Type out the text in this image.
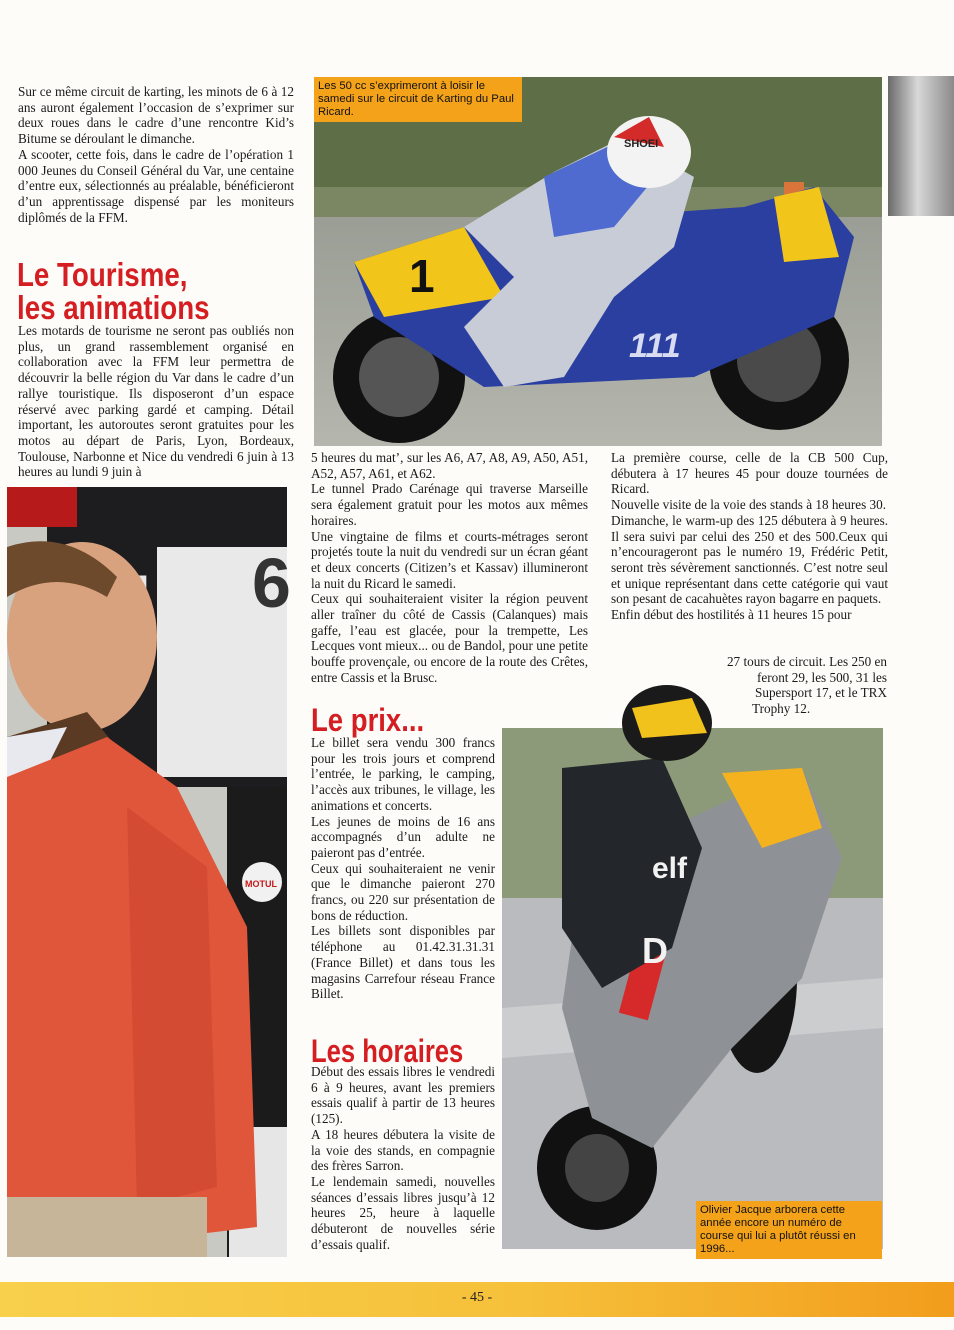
Sur ce même circuit de karting, les minots de 6 à 12 ans auront également l’occasion de s’exprimer sur deux roues dans le cadre d’une rencontre Kid’s Bitume se déroulant le dimanche.

A scooter, cette fois, dans le cadre de l’opération 1 000 Jeunes du Conseil Général du Var, une centaine d’entre eux, sélectionnés au préalable, bénéficieront d’un apprentissage dispensé par les moniteurs diplômés de la FFM.

Le Tourisme,
les animations

Les motards de tourisme ne seront pas oubliés non plus, un grand rassemblement organisé en collaboration avec la FFM leur permettra de découvrir la belle région du Var dans le cadre d’un rallye touristique. Ils disposeront d’un espace réservé avec parking gardé et camping. Détail important, les autoroutes seront gratuites pour les motos au départ de Paris, Lyon, Bordeaux, Toulouse, Narbonne et Nice du vendredi 6 juin à 13 heures au lundi 9 juin à

SHOEI
1
111
Les 50 cc s’exprimeront à loisir le samedi sur le circuit de Karting du Paul Ricard.

5 heures du mat’, sur les A6, A7, A8, A9, A50, A51, A52, A57, A61, et A62.

Le tunnel Prado Carénage qui traverse Marseille sera également gratuit pour les motos aux mêmes horaires.

Une vingtaine de films et courts-métrages seront projetés toute la nuit du vendredi sur un écran géant et deux concerts (Citizen’s et Kassav) illumineront la nuit du Ricard le samedi.

Ceux qui souhaiteraient visiter la région peuvent aller traîner du côté de Cassis (Calanques) mais gaffe, l’eau est glacée, pour la trempette, Les Lecques vont mieux... ou de Bandol, pour une petite bouffe provençale, ou encore de la route des Crêtes, entre Cassis et la Brusc.

La première course, celle de la CB 500 Cup, débutera à 17 heures 45 pour douze tournées de Ricard.

Nouvelle visite de la voie des stands à 18 heures 30.

Dimanche, le warm-up des 125 débutera à 9 heures. Il sera suivi par celui des 250 et des 500.Ceux qui n’encourageront pas le numéro 19, Frédéric Petit, seront très sévèrement sanctionnés. C’est notre seul et unique représentant dans cette catégorie qui vaut son pesant de cacahuètes rayon bagarre en paquets.

Enfin début des hostilités à 11 heures 15 pour

27 tours de circuit. Les 250 en

feront 29, les 500, 31 les

Supersport 17, et le TRX

Trophy 12.

Le prix...

Le billet sera vendu 300 francs pour les trois jours et comprend l’entrée, le parking, le camping, l’accès aux tribunes, le village, les animations et concerts.

Les jeunes de moins de 16 ans accompagnés d’un adulte ne paieront pas d’entrée.

Ceux qui souhaiteraient ne venir que le dimanche paieront 270 francs, ou 220 sur présentation de bons de réduction.

Les billets sont disponibles par téléphone au 01.42.31.31.31 (France Billet) et dans tous les magasins Carrefour réseau France Billet.

Les horaires

Début des essais libres le vendredi 6 à 9 heures, avant les premiers essais qualif à partir de 13 heures (125).

A 18 heures débutera la visite de la voie des stands, en compagnie des frères Sarron.

Le lendemain samedi, nouvelles séances d’essais libres jusqu’à 12 heures 25, heure à laquelle débuteront de nouvelles série d’essais qualif.

6
MOTUL	elf
D
Olivier Jacque arborera cette année encore un numéro de course qui lui a plutôt réussi en 1996...
- 45 -
